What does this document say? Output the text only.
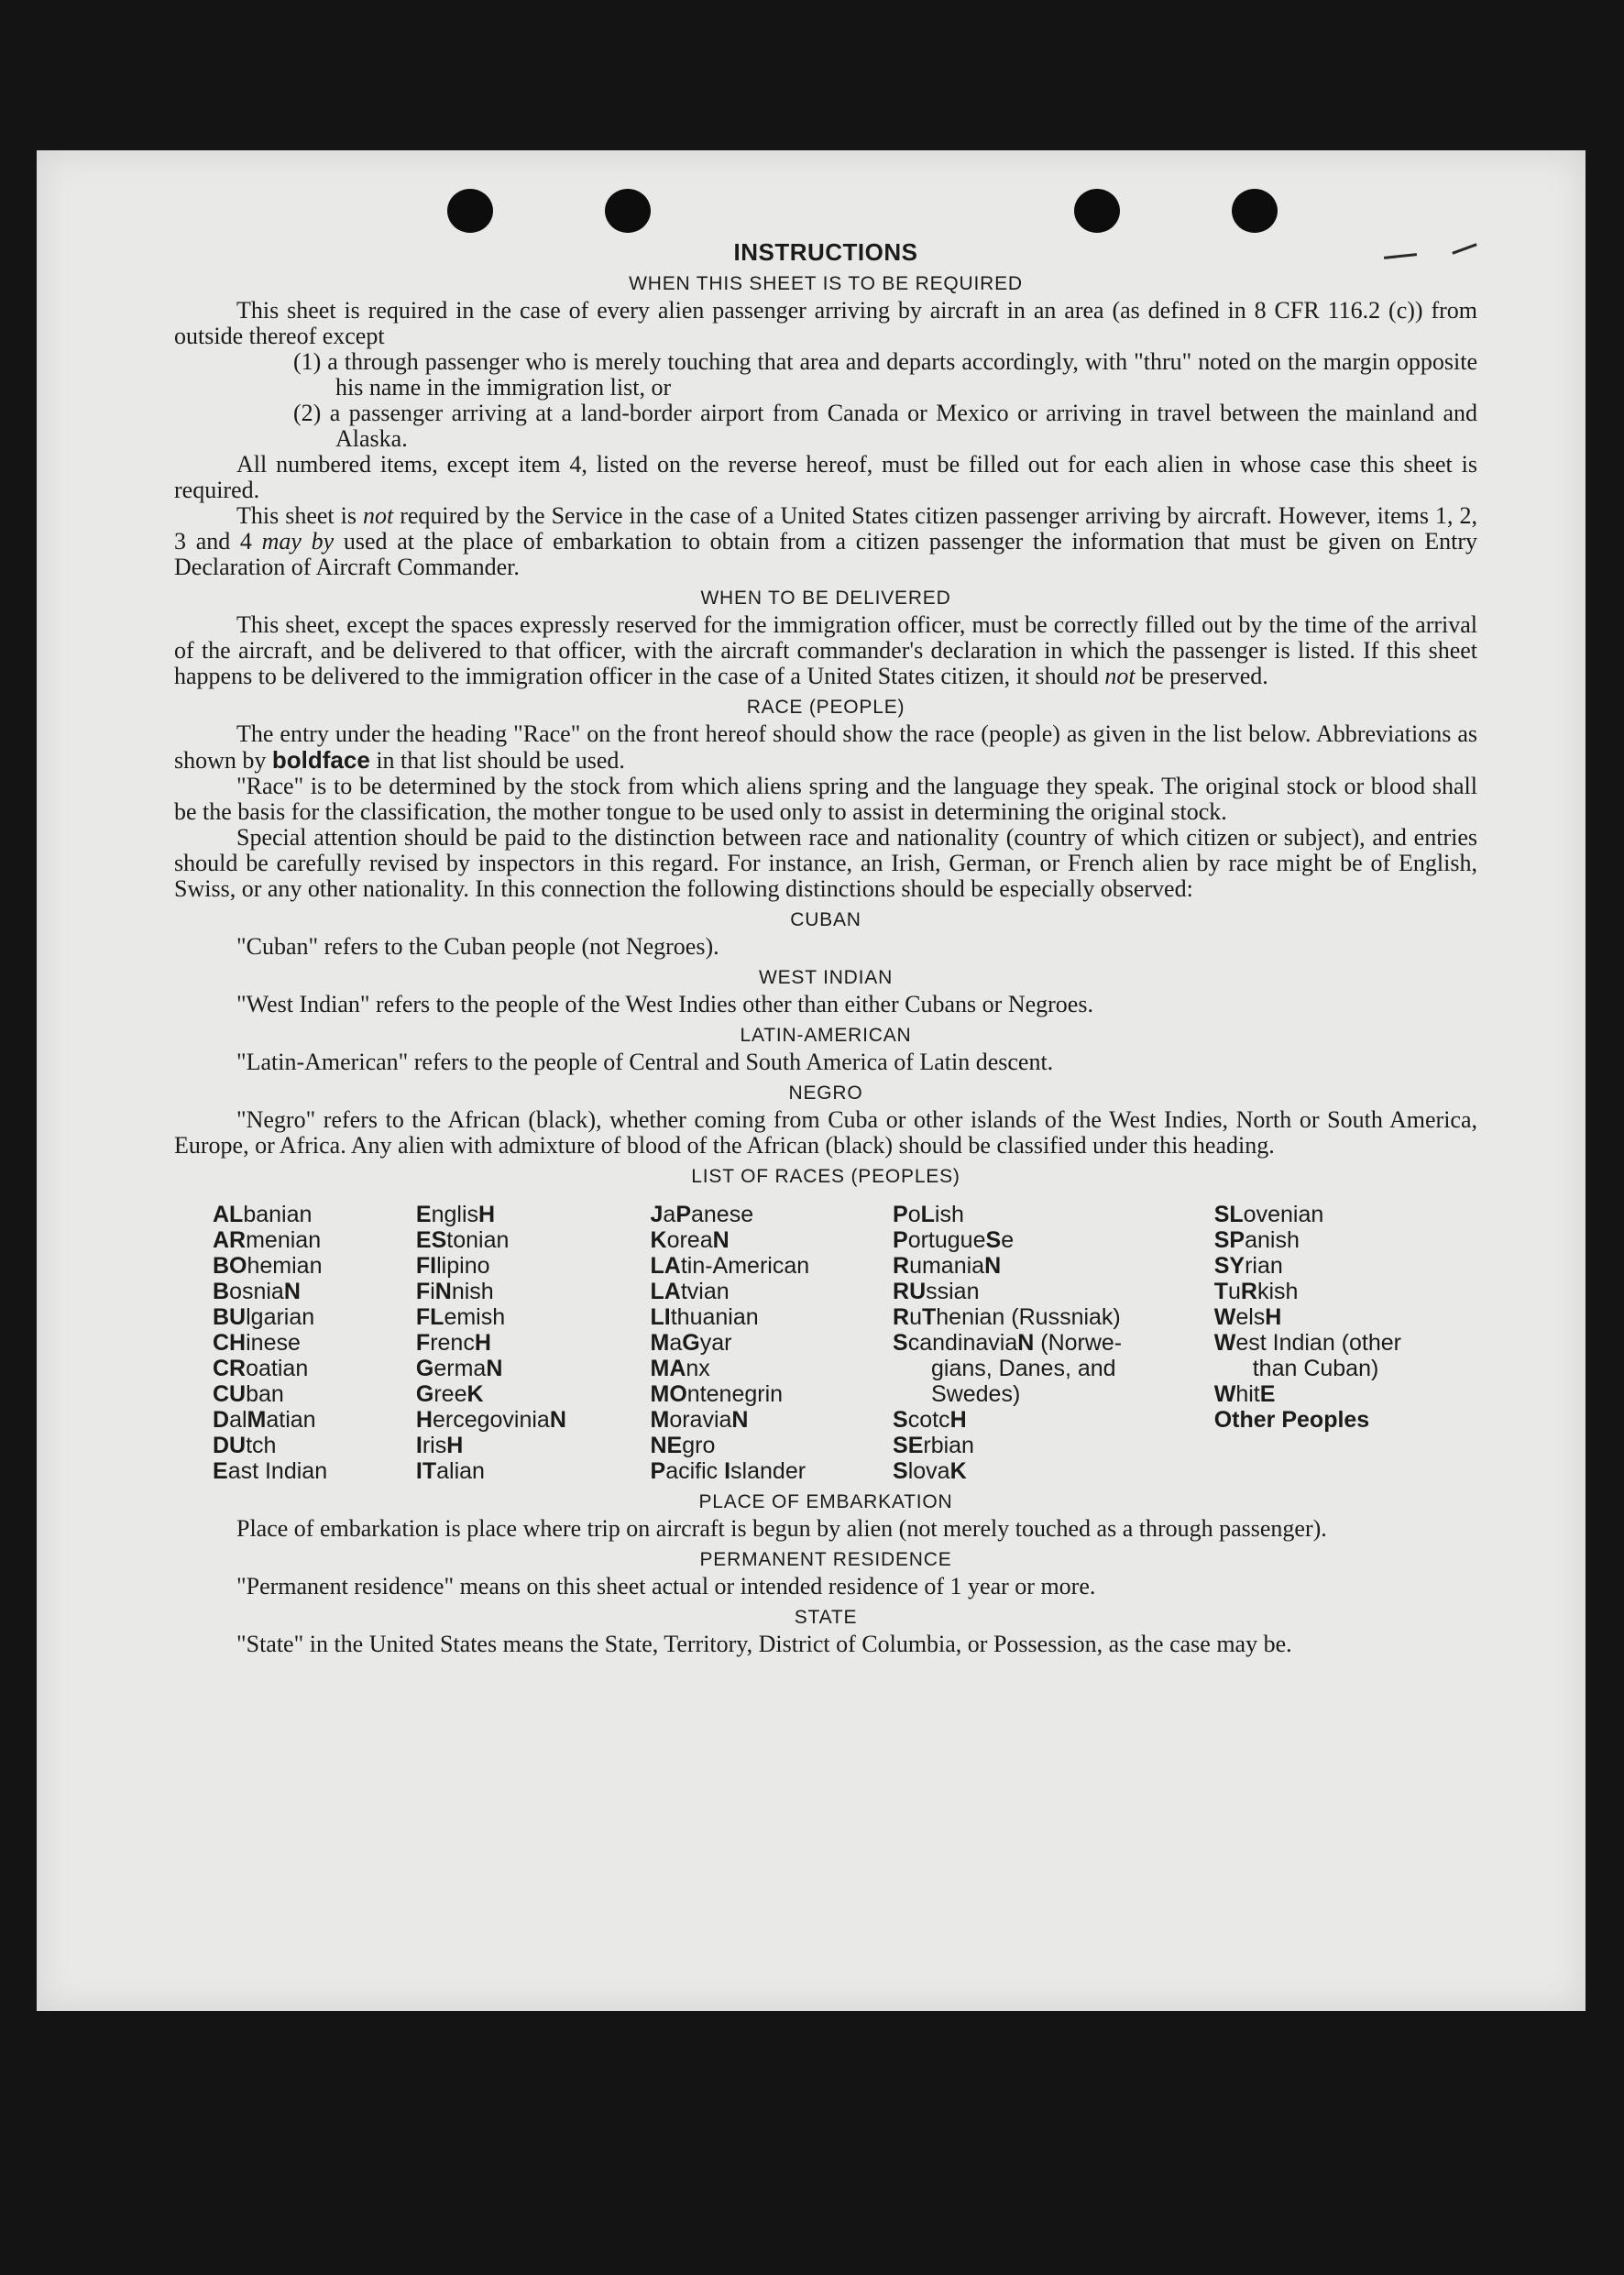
INSTRUCTIONS
WHEN THIS SHEET IS TO BE REQUIRED

This sheet is required in the case of every alien passenger arriving by aircraft in an area (as defined in 8 CFR 116.2 (c)) from outside thereof except

(1) a through passenger who is merely touching that area and departs accordingly, with "thru" noted on the margin opposite his name in the immigration list, or

(2) a passenger arriving at a land-border airport from Canada or Mexico or arriving in travel between the mainland and Alaska.

All numbered items, except item 4, listed on the reverse hereof, must be filled out for each alien in whose case this sheet is required.

This sheet is not required by the Service in the case of a United States citizen passenger arriving by aircraft. However, items 1, 2, 3 and 4 may by used at the place of embarkation to obtain from a citizen passenger the information that must be given on Entry Declaration of Aircraft Commander.

WHEN TO BE DELIVERED

This sheet, except the spaces expressly reserved for the immigration officer, must be correctly filled out by the time of the arrival of the aircraft, and be delivered to that officer, with the aircraft commander's declaration in which the passenger is listed. If this sheet happens to be delivered to the immigration officer in the case of a United States citizen, it should not be preserved.

RACE (PEOPLE)

The entry under the heading "Race" on the front hereof should show the race (people) as given in the list below. Abbreviations as shown by boldface in that list should be used.

"Race" is to be determined by the stock from which aliens spring and the language they speak. The original stock or blood shall be the basis for the classification, the mother tongue to be used only to assist in determining the original stock.

Special attention should be paid to the distinction between race and nationality (country of which citizen or subject), and entries should be carefully revised by inspectors in this regard. For instance, an Irish, German, or French alien by race might be of English, Swiss, or any other nationality. In this connection the following distinctions should be especially observed:

CUBAN

"Cuban" refers to the Cuban people (not Negroes).

WEST INDIAN

"West Indian" refers to the people of the West Indies other than either Cubans or Negroes.

LATIN-AMERICAN

"Latin-American" refers to the people of Central and South America of Latin descent.

NEGRO

"Negro" refers to the African (black), whether coming from Cuba or other islands of the West Indies, North or South America, Europe, or Africa. Any alien with admixture of blood of the African (black) should be classified under this heading.

LIST OF RACES (PEOPLES)
ALbanian
ARmenian
BOhemian
BosniaN
BUlgarian
CHinese
CRoatian
CUban
DalMatian
DUtch
East Indian
EnglisH
EStonian
FIlipino
FiNnish
FLemish
FrencH
GermaN
GreeK
HercegoviniaN
IrisH
ITalian
JaPanese
KoreaN
LAtin-American
LAtvian
LIthuanian
MaGyar
MAnx
MOntenegrin
MoraviaN
NEgro
Pacific Islander
PoLish
PortugueSe
RumaniaN
RUssian
RuThenian (Russniak)
ScandinaviaN (Norwe-
gians, Danes, and
Swedes)
ScotcH
SErbian
SlovaK
SLovenian
SPanish
SYrian
TuRkish
WelsH
West Indian (other
than Cuban)
WhitE
Other Peoples
PLACE OF EMBARKATION

Place of embarkation is place where trip on aircraft is begun by alien (not merely touched as a through passenger).

PERMANENT RESIDENCE

"Permanent residence" means on this sheet actual or intended residence of 1 year or more.

STATE

"State" in the United States means the State, Territory, District of Columbia, or Possession, as the case may be.
